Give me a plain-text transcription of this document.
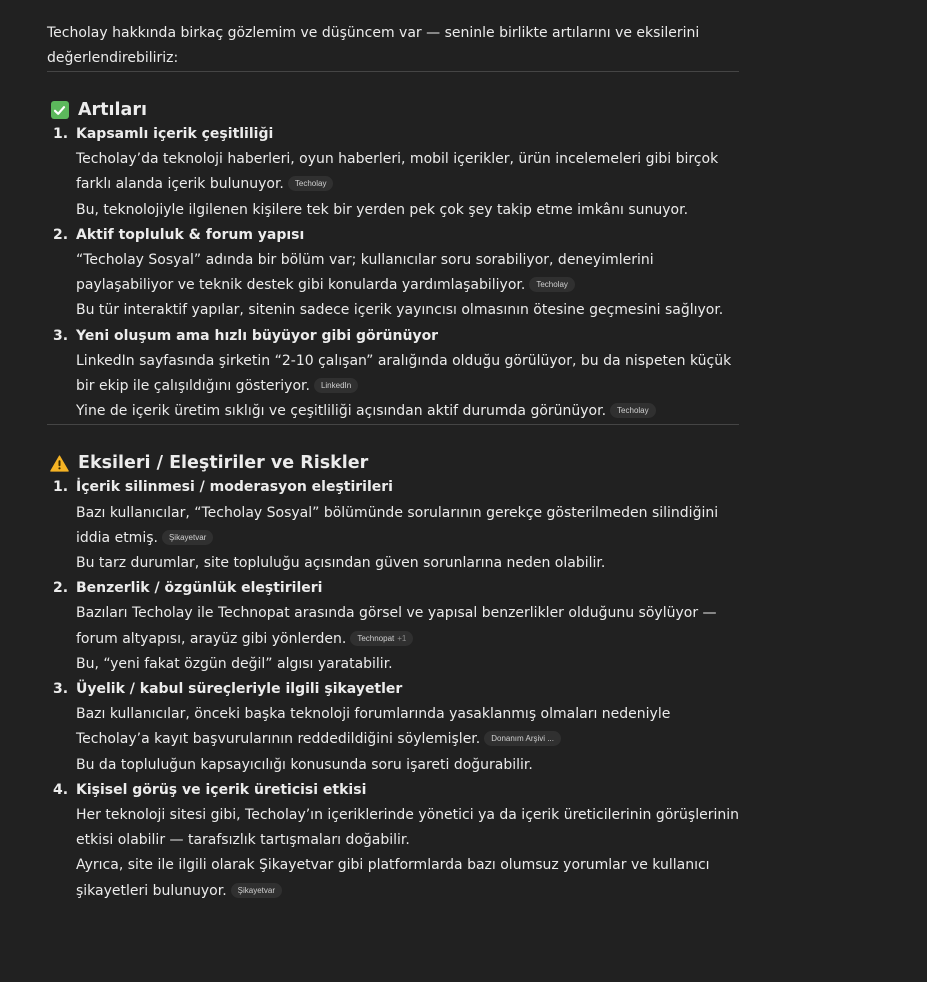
Techolay hakkında birkaç gözlemim ve düşüncem var — seninle birlikte artılarını ve eksilerini değerlendirebiliriz:

Artıları
1. Kapsamlı içerik çeşitliliği
Techolay’da teknoloji haberleri, oyun haberleri, mobil içerikler, ürün incelemeleri gibi birçok farklı alanda içerik bulunuyor. Techolay
Bu, teknolojiyle ilgilenen kişilere tek bir yerden pek çok şey takip etme imkânı sunuyor.
2. Aktif topluluk & forum yapısı
“Techolay Sosyal” adında bir bölüm var; kullanıcılar soru sorabiliyor, deneyimlerini paylaşabiliyor ve teknik destek gibi konularda yardımlaşabiliyor. Techolay
Bu tür interaktif yapılar, sitenin sadece içerik yayıncısı olmasının ötesine geçmesini sağlıyor.
3. Yeni oluşum ama hızlı büyüyor gibi görünüyor
LinkedIn sayfasında şirketin “2-10 çalışan” aralığında olduğu görülüyor, bu da nispeten küçük bir ekip ile çalışıldığını gösteriyor. LinkedIn
Yine de içerik üretim sıklığı ve çeşitliliği açısından aktif durumda görünüyor. Techolay
Eksileri / Eleştiriler ve Riskler
1. İçerik silinmesi / moderasyon eleştirileri
Bazı kullanıcılar, “Techolay Sosyal” bölümünde sorularının gerekçe gösterilmeden silindiğini iddia etmiş. Şikayetvar
Bu tarz durumlar, site topluluğu açısından güven sorunlarına neden olabilir.
2. Benzerlik / özgünlük eleştirileri
Bazıları Techolay ile Technopat arasında görsel ve yapısal benzerlikler olduğunu söylüyor — forum altyapısı, arayüz gibi yönlerden. Technopat +1
Bu, “yeni fakat özgün değil” algısı yaratabilir.
3. Üyelik / kabul süreçleriyle ilgili şikayetler
Bazı kullanıcılar, önceki başka teknoloji forumlarında yasaklanmış olmaları nedeniyle Techolay’a kayıt başvurularının reddedildiğini söylemişler. Donanım Arşivi ...
Bu da topluluğun kapsayıcılığı konusunda soru işareti doğurabilir.
4. Kişisel görüş ve içerik üreticisi etkisi
Her teknoloji sitesi gibi, Techolay’ın içeriklerinde yönetici ya da içerik üreticilerinin görüşlerinin etkisi olabilir — tarafsızlık tartışmaları doğabilir.
Ayrıca, site ile ilgili olarak Şikayetvar gibi platformlarda bazı olumsuz yorumlar ve kullanıcı şikayetleri bulunuyor. Şikayetvar
